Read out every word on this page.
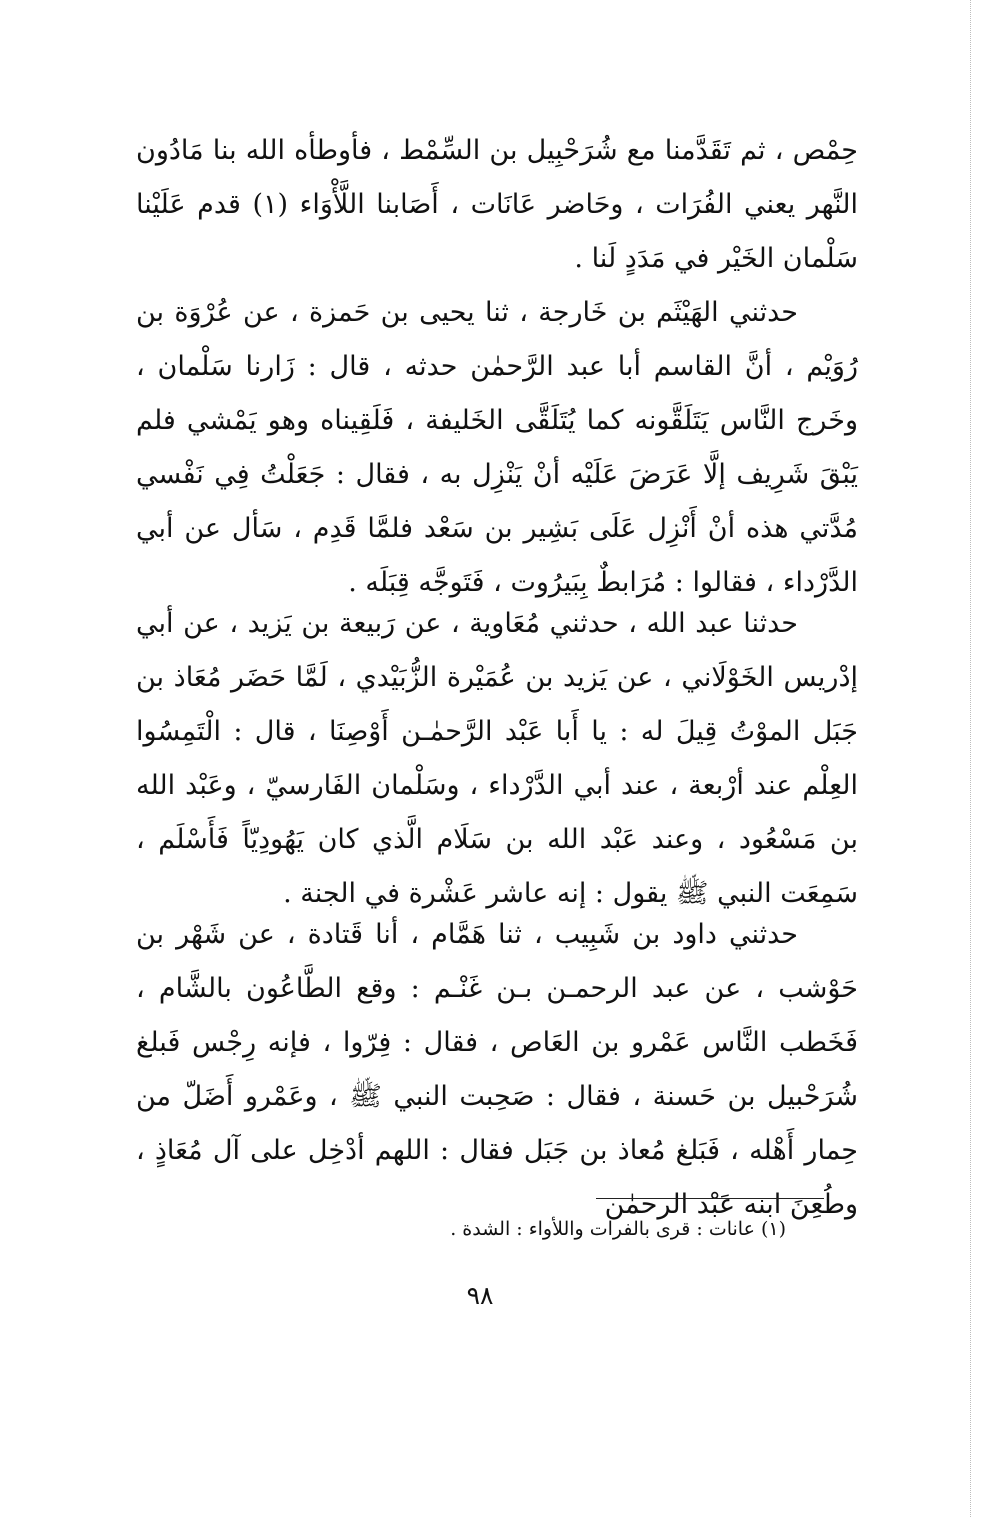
حِمْص ، ثم تَقَدَّمنا مع شُرَحْبِيل بن السِّمْط ، فأوطأه الله بنا مَادُون النَّهر يعني الفُرَات ، وحَاضر عَانَات ، أَصَابنا اللَّأْوَاء (١) قدم عَلَيْنا سَلْمان الخَيْر في مَدَدٍ لَنا .

حدثني الهَيْثَم بن خَارجة ، ثنا يحيى بن حَمزة ، عن عُرْوَة بن رُوَيْم ، أنَّ القاسم أبا عبد الرَّحمٰن حدثه ، قال : زَارنا سَلْمان ، وخَرج النَّاس يَتَلَقَّونه كما يُتَلَقَّى الخَليفة ، فَلَقِيناه وهو يَمْشي فلم يَبْقَ شَرِيف إلَّا عَرَضَ عَلَيْه أنْ يَنْزِل به ، فقال : جَعَلْتُ فِي نَفْسي مُدَّتي هذه أنْ أَنْزِل عَلَى بَشِير بن سَعْد فلمَّا قَدِم ، سَأل عن أبي الدَّرْداء ، فقالوا : مُرَابطٌ بِبَيرُوت ، فَتَوجَّه قِبَلَه .

حدثنا عبد الله ، حدثني مُعَاوية ، عن رَبيعة بن يَزيد ، عن أبي إدْريس الخَوْلَاني ، عن يَزيد بن عُمَيْرة الزُّبَيْدي ، لَمَّا حَضَر مُعَاذ بن جَبَل الموْتُ قِيلَ له : يا أَبا عَبْد الرَّحمٰـن أَوْصِنَا ، قال : الْتَمِسُوا العِلْم عند أرْبعة ، عند أبي الدَّرْداء ، وسَلْمان الفَارسيّ ، وعَبْد الله بن مَسْعُود ، وعند عَبْد الله بن سَلَام الَّذي كان يَهُودِيّاً فَأَسْلَم ، سَمِعَت النبي ﷺ يقول : إنه عاشر عَشْرة في الجنة .

حدثني داود بن شَبِيب ، ثنا هَمَّام ، أنا قَتادة ، عن شَهْر بن حَوْشب ، عن عبد الرحمـن بـن غَنْـم : وقع الطَّاعُون بالشَّام ، فَخَطب النَّاس عَمْرو بن العَاص ، فقال : فِرّوا ، فإنه رِجْس فَبلغ شُرَحْبيل بن حَسنة ، فقال : صَحِبت النبي ﷺ ، وعَمْرو أَضَلّ من حِمار أَهْله ، فَبَلغ مُعاذ بن جَبَل فقال : اللهم أدْخِل على آل مُعَاذٍ ، وطُعِنَ ابنه عَبْد الرحمٰن

(١) عانات : قرى بالفرات واللأواء : الشدة .

٩٨
